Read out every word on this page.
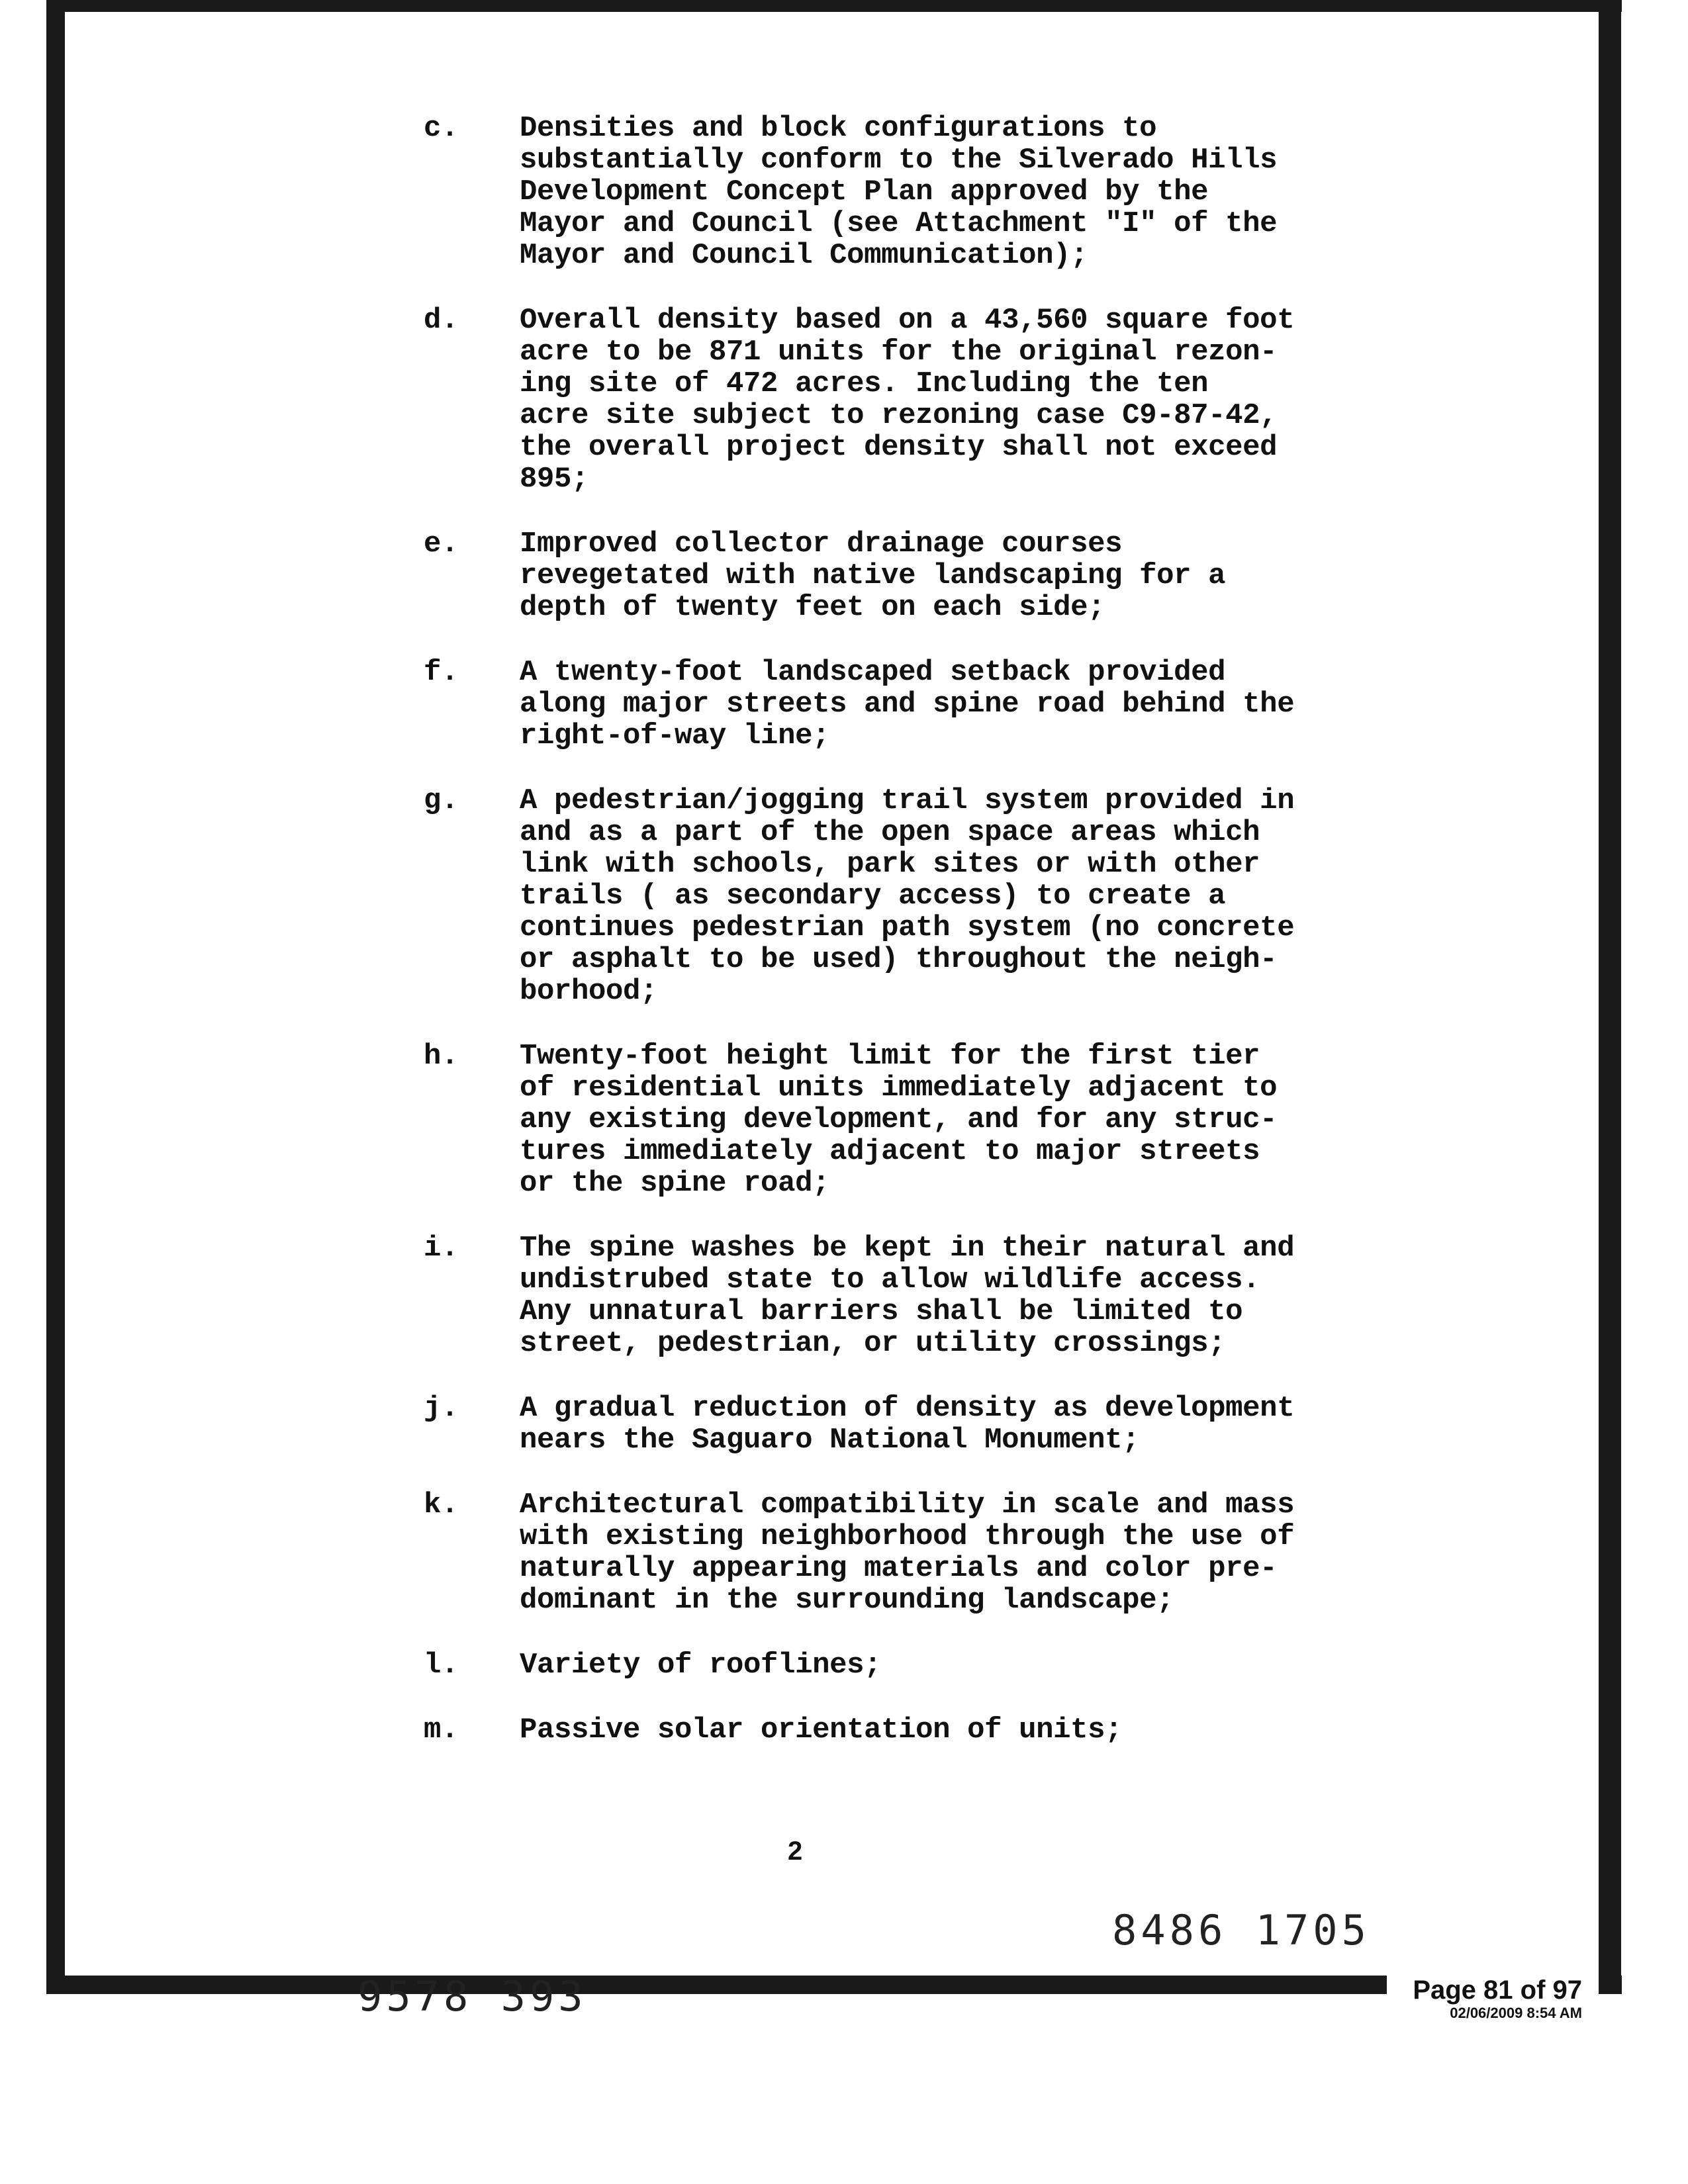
c. Densities and block configurations to
substantially conform to the Silverado Hills
Development Concept Plan approved by the
Mayor and Council (see Attachment "I" of the
Mayor and Council Communication);
d. Overall density based on a 43,560 square foot
acre to be 871 units for the original rezon-
ing site of 472 acres. Including the ten
acre site subject to rezoning case C9-87-42,
the overall project density shall not exceed
895;
e. Improved collector drainage courses
revegetated with native landscaping for a
depth of twenty feet on each side;
f. A twenty-foot landscaped setback provided
along major streets and spine road behind the
right-of-way line;
g. A pedestrian/jogging trail system provided in
and as a part of the open space areas which
link with schools, park sites or with other
trails ( as secondary access) to create a
continues pedestrian path system (no concrete
or asphalt to be used) throughout the neigh-
borhood;
h. Twenty-foot height limit for the first tier
of residential units immediately adjacent to
any existing development, and for any struc-
tures immediately adjacent to major streets
or the spine road;
i. The spine washes be kept in their natural and
undistrubed state to allow wildlife access.
Any unnatural barriers shall be limited to
street, pedestrian, or utility crossings;
j. A gradual reduction of density as development
nears the Saguaro National Monument;
k. Architectural compatibility in scale and mass
with existing neighborhood through the use of
naturally appearing materials and color pre-
dominant in the surrounding landscape;
l. Variety of rooflines;
m. Passive solar orientation of units;
2
8486 1705
9578 393	Page 81 of 97
02/06/2009 8:54 AM
